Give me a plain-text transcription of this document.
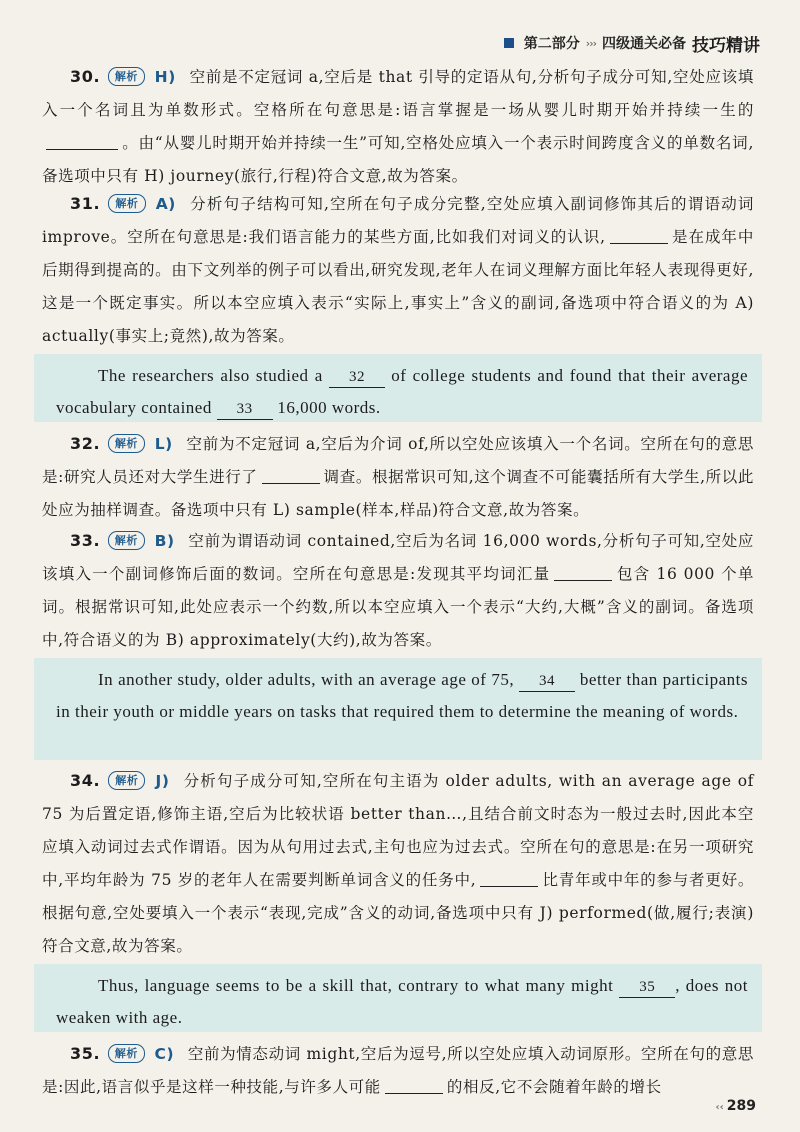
第二部分 ››› 四级通关必备 技巧精讲
30. 解析 H) 空前是不定冠词 a,空后是 that 引导的定语从句,分析句子成分可知,空处应该填入一个名词且为单数形式。空格所在句意思是:语言掌握是一场从婴儿时期开始并持续一生的。由“从婴儿时期开始并持续一生”可知,空格处应填入一个表示时间跨度含义的单数名词,备选项中只有 H) journey(旅行,行程)符合文意,故为答案。
31. 解析 A) 分析句子结构可知,空所在句子成分完整,空处应填入副词修饰其后的谓语动词 improve。空所在句意思是:我们语言能力的某些方面,比如我们对词义的认识,	是在成年中后期得到提高的。由下文列举的例子可以看出,研究发现,老年人在词义理解方面比年轻人表现得更好,这是一个既定事实。所以本空应填入表示“实际上,事实上”含义的副词,备选项中符合语义的为 A) actually(事实上;竟然),故为答案。
The researchers also studied a 32 of college students and found that their average vocabulary contained 33 16,000 words.
32. 解析 L) 空前为不定冠词 a,空后为介词 of,所以空处应该填入一个名词。空所在句的意思是:研究人员还对大学生进行了	调查。根据常识可知,这个调查不可能囊括所有大学生,所以此处应为抽样调查。备选项中只有 L) sample(样本,样品)符合文意,故为答案。
33. 解析 B) 空前为谓语动词 contained,空后为名词 16,000 words,分析句子可知,空处应该填入一个副词修饰后面的数词。空所在句意思是:发现其平均词汇量	包含 16 000 个单词。根据常识可知,此处应表示一个约数,所以本空应填入一个表示“大约,大概”含义的副词。备选项中,符合语义的为 B) approximately(大约),故为答案。
In another study, older adults, with an average age of 75, 34 better than participants in their youth or middle years on tasks that required them to determine the meaning of words.
34. 解析 J) 分析句子成分可知,空所在句主语为 older adults, with an average age of 75 为后置定语,修饰主语,空后为比较状语 better than…,且结合前文时态为一般过去时,因此本空应填入动词过去式作谓语。因为从句用过去式,主句也应为过去式。空所在句的意思是:在另一项研究中,平均年龄为 75 岁的老年人在需要判断单词含义的任务中,	比青年或中年的参与者更好。根据句意,空处要填入一个表示“表现,完成”含义的动词,备选项中只有 J) performed(做,履行;表演)符合文意,故为答案。
Thus, language seems to be a skill that, contrary to what many might 35 , does not weaken with age.
35. 解析 C) 空前为情态动词 might,空后为逗号,所以空处应填入动词原形。空所在句的意思是:因此,语言似乎是这样一种技能,与许多人可能	的相反,它不会随着年龄的增长
‹‹ 289
